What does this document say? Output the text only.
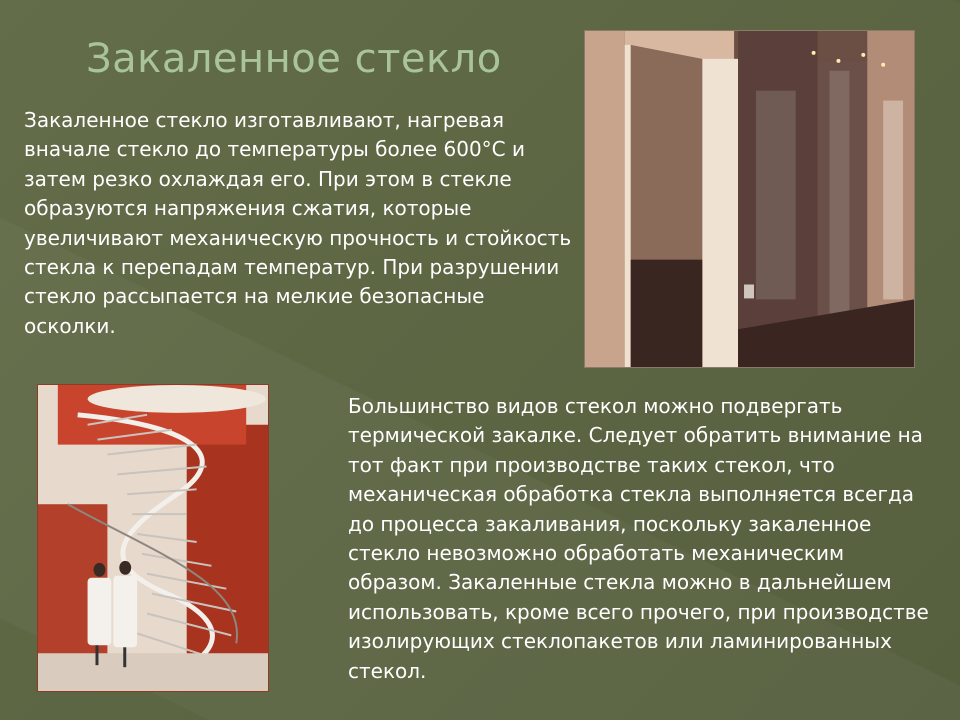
Закаленное стекло
Закаленное стекло изготавливают, нагревая вначале стекло до температуры более 600°С и затем резко охлаждая его. При этом в стекле образуются напряжения сжатия, которые увеличивают механическую прочность и стойкость стекла к перепадам температур. При разрушении стекло рассыпается на мелкие безопасные осколки.
Большинство видов стекол можно подвергать термической закалке. Следует обратить внимание на тот факт при производстве таких стекол, что механическая обработка стекла выполняется всегда до процесса закаливания, поскольку закаленное стекло невозможно обработать механическим образом. Закаленные стекла можно в дальнейшем использовать, кроме всего прочего, при производстве изолирующих стеклопакетов или ламинированных стекол.
